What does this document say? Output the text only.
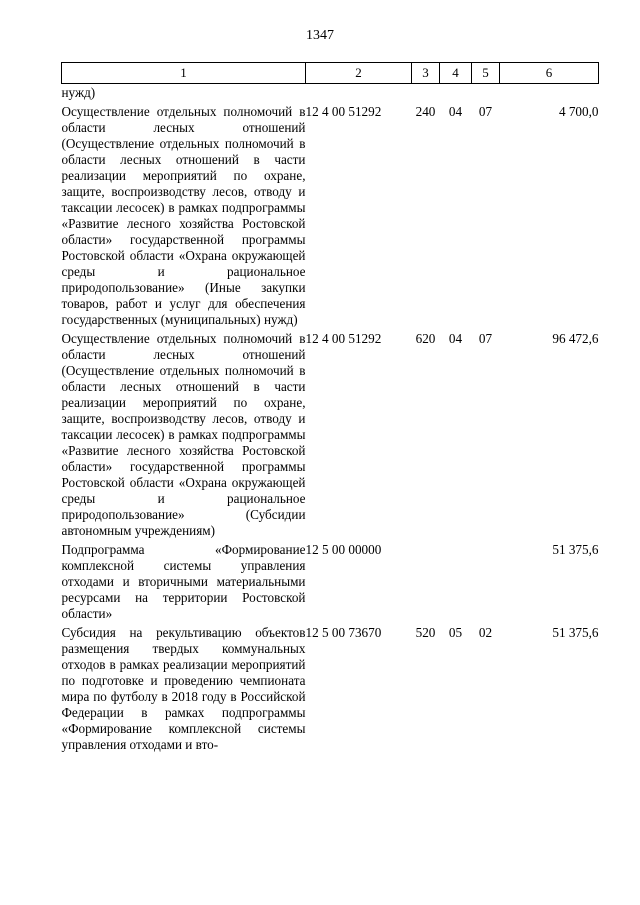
1347
1	2	3	4	5	6
нужд)					
Осуществление отдельных полномочий в области лесных отношений (Осуществление отдельных полномочий в области лесных отношений в части реализации мероприятий по охране, защите, воспроизводству лесов, отводу и таксации лесосек) в рамках подпрограммы «Развитие лесного хозяйства Ростовской области» государственной программы Ростовской области «Охрана окружающей среды и рациональное природопользование» (Иные закупки товаров, работ и услуг для обеспечения государственных (муниципальных) нужд)	12 4 00 51292	240	04	07	4 700,0
Осуществление отдельных полномочий в области лесных отношений (Осуществление отдельных полномочий в области лесных отношений в части реализации мероприятий по охране, защите, воспроизводству лесов, отводу и таксации лесосек) в рамках подпрограммы «Развитие лесного хозяйства Ростовской области» государственной программы Ростовской области «Охрана окружающей среды и рациональное природопользование» (Субсидии автономным учреждениям)	12 4 00 51292	620	04	07	96 472,6
Подпрограмма «Формирование комплексной системы управления отходами и вторичными материальными ресурсами на территории Ростовской области»	12 5 00 00000				51 375,6
Субсидия на рекультивацию объектов размещения твердых коммунальных отходов в рамках реализации мероприятий по подготовке и проведению чемпионата мира по футболу в 2018 году в Российской Федерации в рамках подпрограммы «Формирование комплексной системы управления отходами и вто-	12 5 00 73670	520	05	02	51 375,6
